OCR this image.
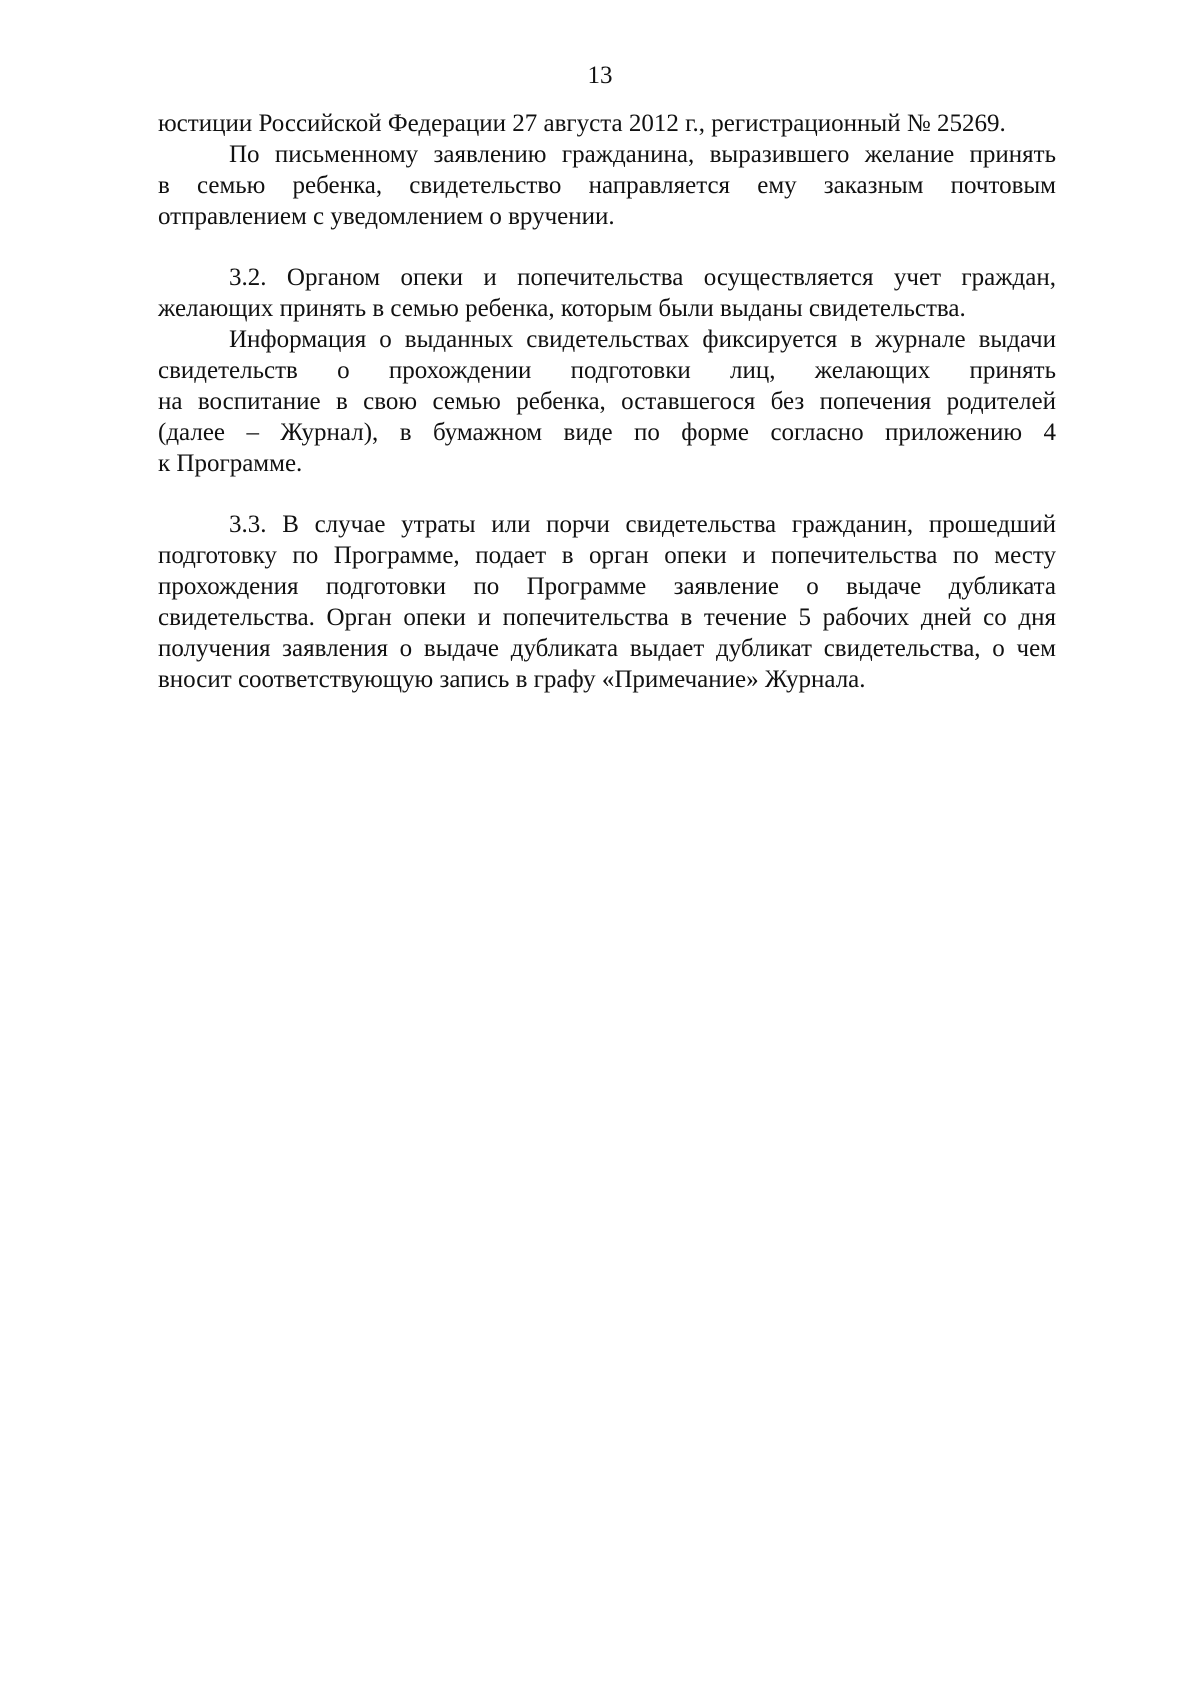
13
юстиции Российской Федерации 27 августа 2012 г., регистрационный № 25269.
По письменному заявлению гражданина, выразившего желание принять
в семью ребенка, свидетельство направляется ему заказным почтовым
отправлением с уведомлением о вручении.
3.2. Органом опеки и попечительства осуществляется учет граждан,
желающих принять в семью ребенка, которым были выданы свидетельства.
Информация о выданных свидетельствах фиксируется в журнале выдачи
свидетельств о прохождении подготовки лиц, желающих принять
на воспитание в свою семью ребенка, оставшегося без попечения родителей
(далее – Журнал), в бумажном виде по форме согласно приложению 4
к Программе.
3.3. В случае утраты или порчи свидетельства гражданин, прошедший
подготовку по Программе, подает в орган опеки и попечительства по месту
прохождения подготовки по Программе заявление о выдаче дубликата
свидетельства. Орган опеки и попечительства в течение 5 рабочих дней со дня
получения заявления о выдаче дубликата выдает дубликат свидетельства, о чем
вносит соответствующую запись в графу «Примечание» Журнала.
